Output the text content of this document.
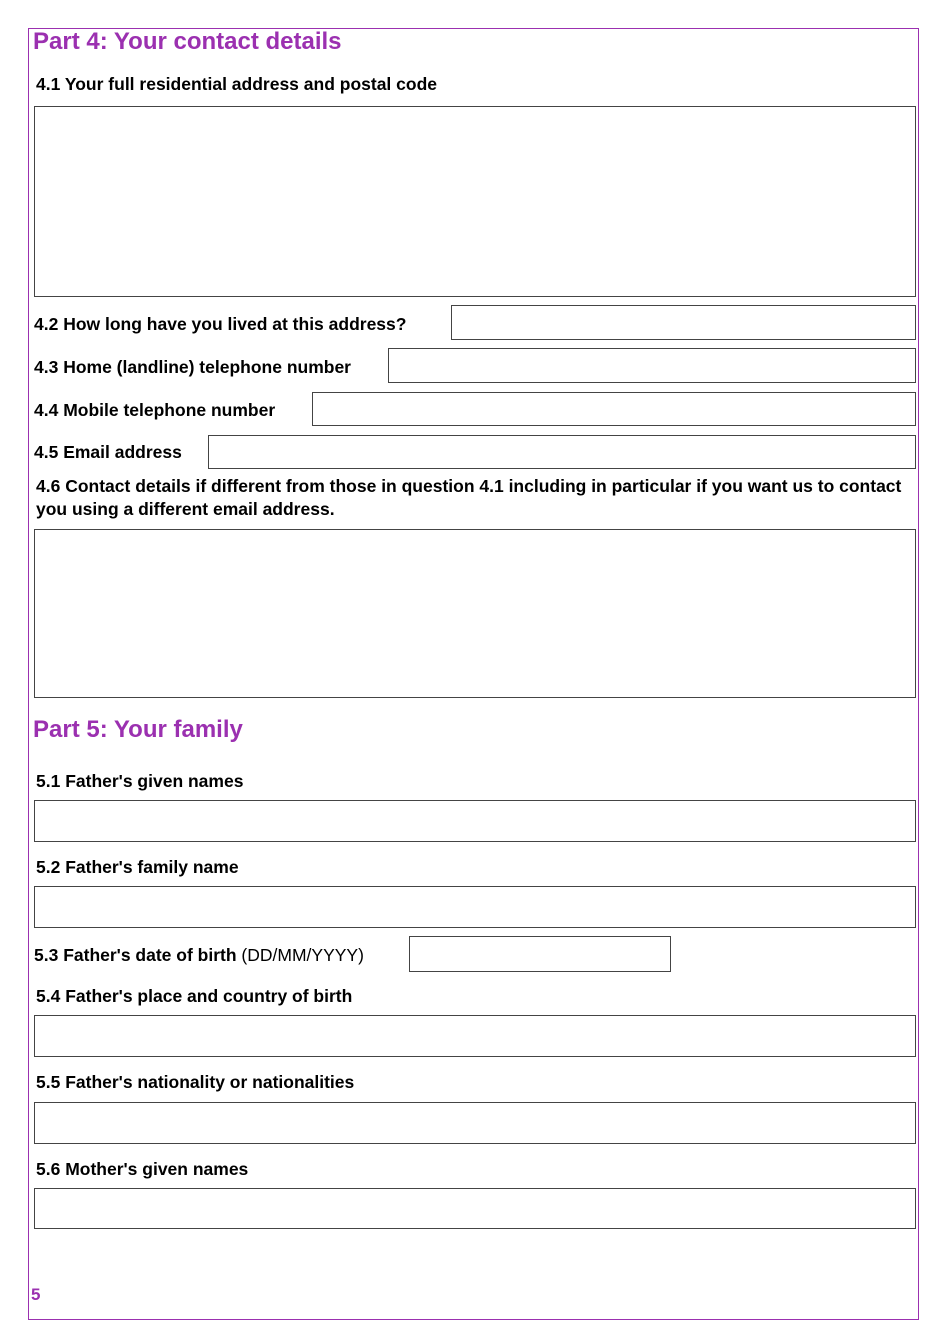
Part 4: Your contact details
4.1 Your full residential address and postal code
4.2 How long have you lived at this address?
4.3 Home (landline) telephone number
4.4 Mobile telephone number
4.5 Email address
4.6 Contact details if different from those in question 4.1 including in particular if you want us to contact you using a different email address.
Part 5: Your family
5.1 Father's given names
5.2 Father's family name
5.3 Father's date of birth (DD/MM/YYYY)
5.4 Father's place and country of birth
5.5 Father's nationality or nationalities
5.6 Mother's given names
5
